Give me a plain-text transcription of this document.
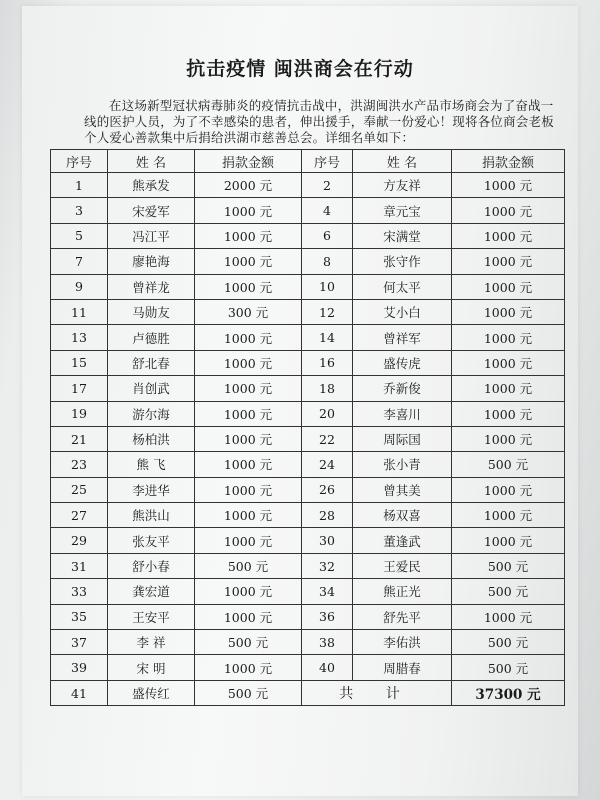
抗击疫情 闽洪商会在行动
在这场新型冠状病毒肺炎的疫情抗击战中，洪湖闽洪水产品市场商会为了奋战一线的医护人员，为了不幸感染的患者，伸出援手，奉献一份爱心！现将各位商会老板个人爱心善款集中后捐给洪湖市慈善总会。详细名单如下：
序号	姓 名	捐款金额	序号	姓 名	捐款金额
1	熊承发	2000 元	2	方友祥	1000 元
3	宋爱军	1000 元	4	章元宝	1000 元
5	冯江平	1000 元	6	宋满堂	1000 元
7	廖艳海	1000 元	8	张守作	1000 元
9	曾祥龙	1000 元	10	何太平	1000 元
11	马勋友	300 元	12	艾小白	1000 元
13	卢德胜	1000 元	14	曾祥军	1000 元
15	舒北春	1000 元	16	盛传虎	1000 元
17	肖创武	1000 元	18	乔新俊	1000 元
19	游尔海	1000 元	20	李喜川	1000 元
21	杨柏洪	1000 元	22	周际国	1000 元
23	熊 飞	1000 元	24	张小青	500 元
25	李进华	1000 元	26	曾其美	1000 元
27	熊洪山	1000 元	28	杨双喜	1000 元
29	张友平	1000 元	30	董逢武	1000 元
31	舒小春	500 元	32	王爱民	500 元
33	龚宏道	1000 元	34	熊正光	500 元
35	王安平	1000 元	36	舒先平	1000 元
37	李 祥	500 元	38	李佑洪	500 元
39	宋 明	1000 元	40	周腊春	500 元
41	盛传红	500 元	共 计		37300 元
